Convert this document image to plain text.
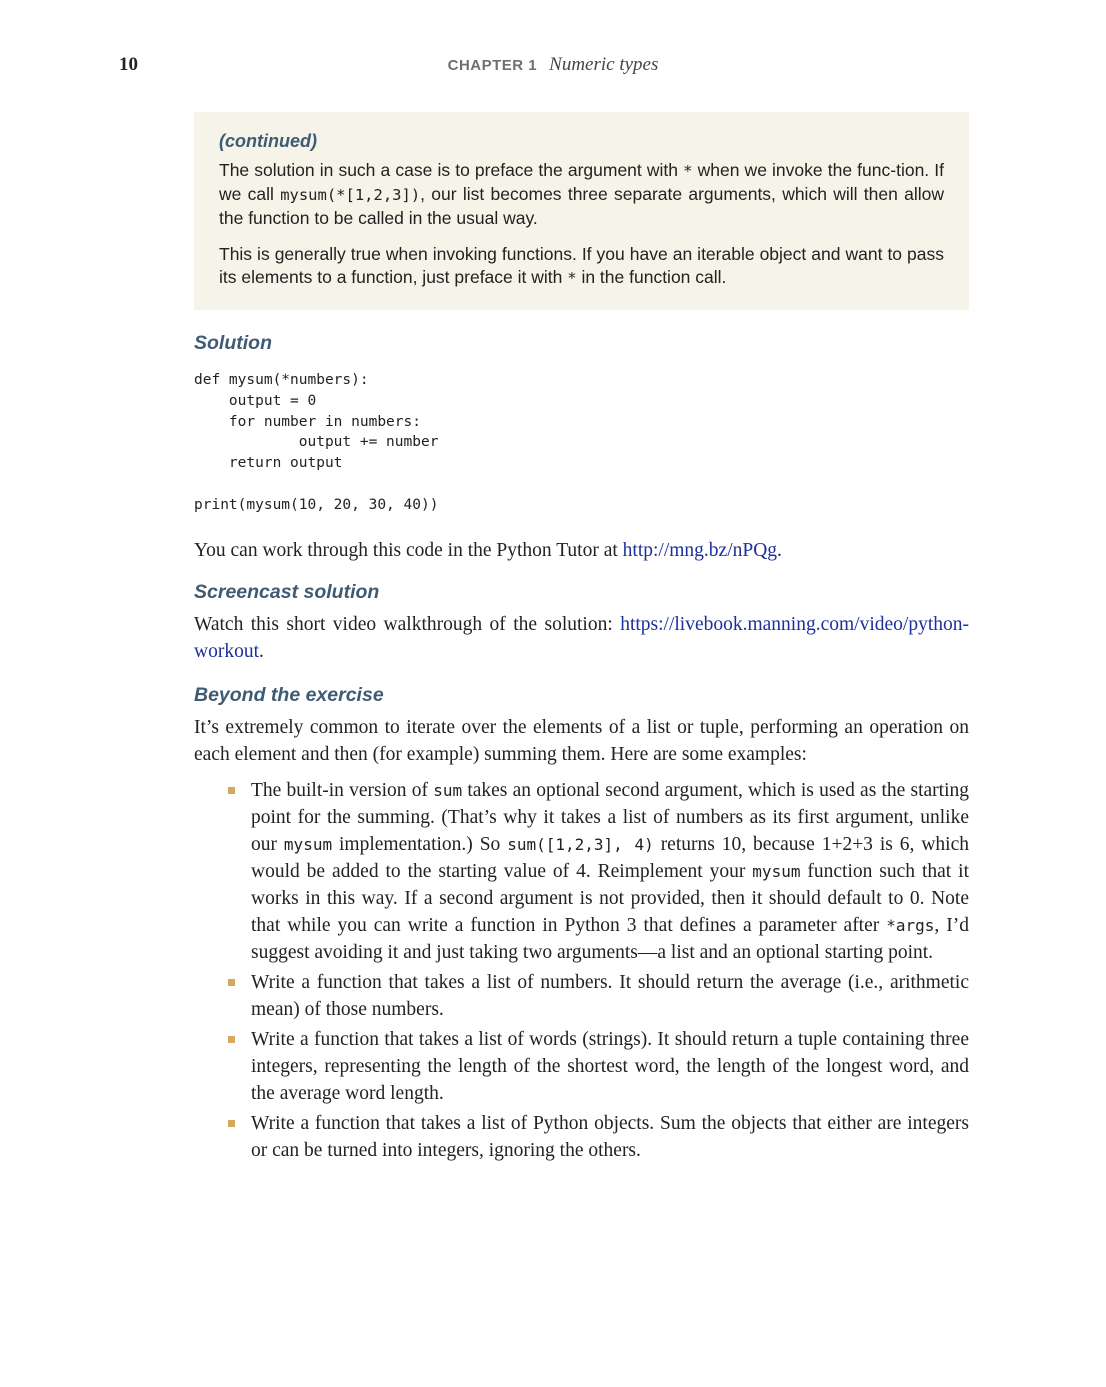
10	CHAPTER 1 Numeric types
(continued)

The solution in such a case is to preface the argument with * when we invoke the func-tion. If we call mysum(*[1,2,3]), our list becomes three separate arguments, which will then allow the function to be called in the usual way.

This is generally true when invoking functions. If you have an iterable object and want to pass its elements to a function, just preface it with * in the function call.

Solution
def mysum(*numbers):
output = 0
for number in numbers:
output += number
return output

print(mysum(10, 20, 30, 40))

You can work through this code in the Python Tutor at http://mng.bz/nPQg.

Screencast solution

Watch this short video walkthrough of the solution: https://livebook.manning.com/video/python-workout.

Beyond the exercise

It’s extremely common to iterate over the elements of a list or tuple, performing an operation on each element and then (for example) summing them. Here are some examples:

The built-in version of sum takes an optional second argument, which is used as the starting point for the summing. (That’s why it takes a list of numbers as its first argument, unlike our mysum implementation.) So sum([1,2,3], 4) returns 10, because 1+2+3 is 6, which would be added to the starting value of 4. Reimplement your mysum function such that it works in this way. If a second argument is not provided, then it should default to 0. Note that while you can write a function in Python 3 that defines a parameter after *args, I’d suggest avoiding it and just taking two arguments—a list and an optional starting point.
Write a function that takes a list of numbers. It should return the average (i.e., arithmetic mean) of those numbers.
Write a function that takes a list of words (strings). It should return a tuple containing three integers, representing the length of the shortest word, the length of the longest word, and the average word length.
Write a function that takes a list of Python objects. Sum the objects that either are integers or can be turned into integers, ignoring the others.
